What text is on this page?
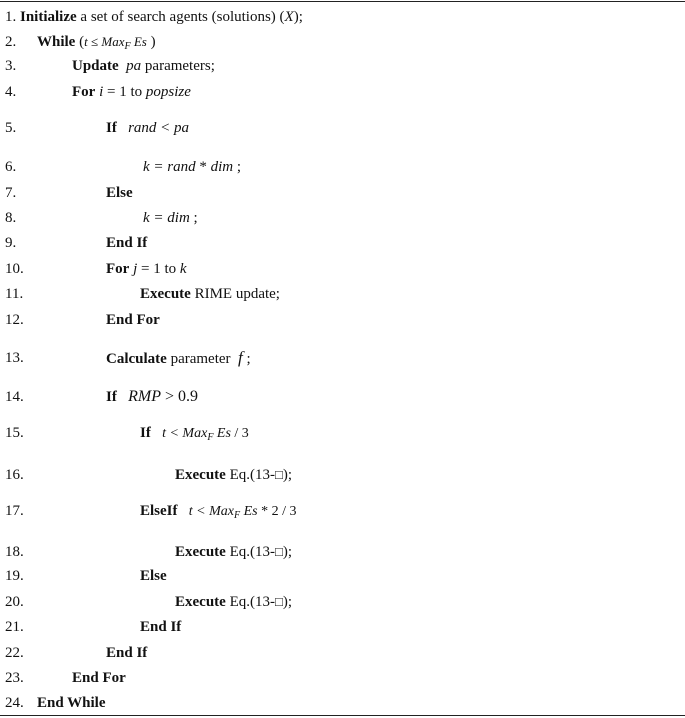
1. Initialize a set of search agents (solutions) (X);
2. While (t ≤ Max$_F$ Es )
3.	Update pa parameters;
4.	For i = 1 to popsize
5.	If rand < pa
6.	k = rand * dim ;
7.	Else
8.	k = dim ;
9.	End If
10.	For j = 1 to k
11.	Execute RIME update;
12.	End For
13.	Calculate parameter  f ;
14.	If RMP > 0.9
15.	If t < Max$_F$ Es / 3
16.	Execute Eq.(13-□);
17.	ElseIf t < Max$_F$ Es * 2 / 3
18.	Execute Eq.(13-□);
19.	Else
20.	Execute Eq.(13-□);
21.	End If
22.	End If
23.	End For
24. End While
